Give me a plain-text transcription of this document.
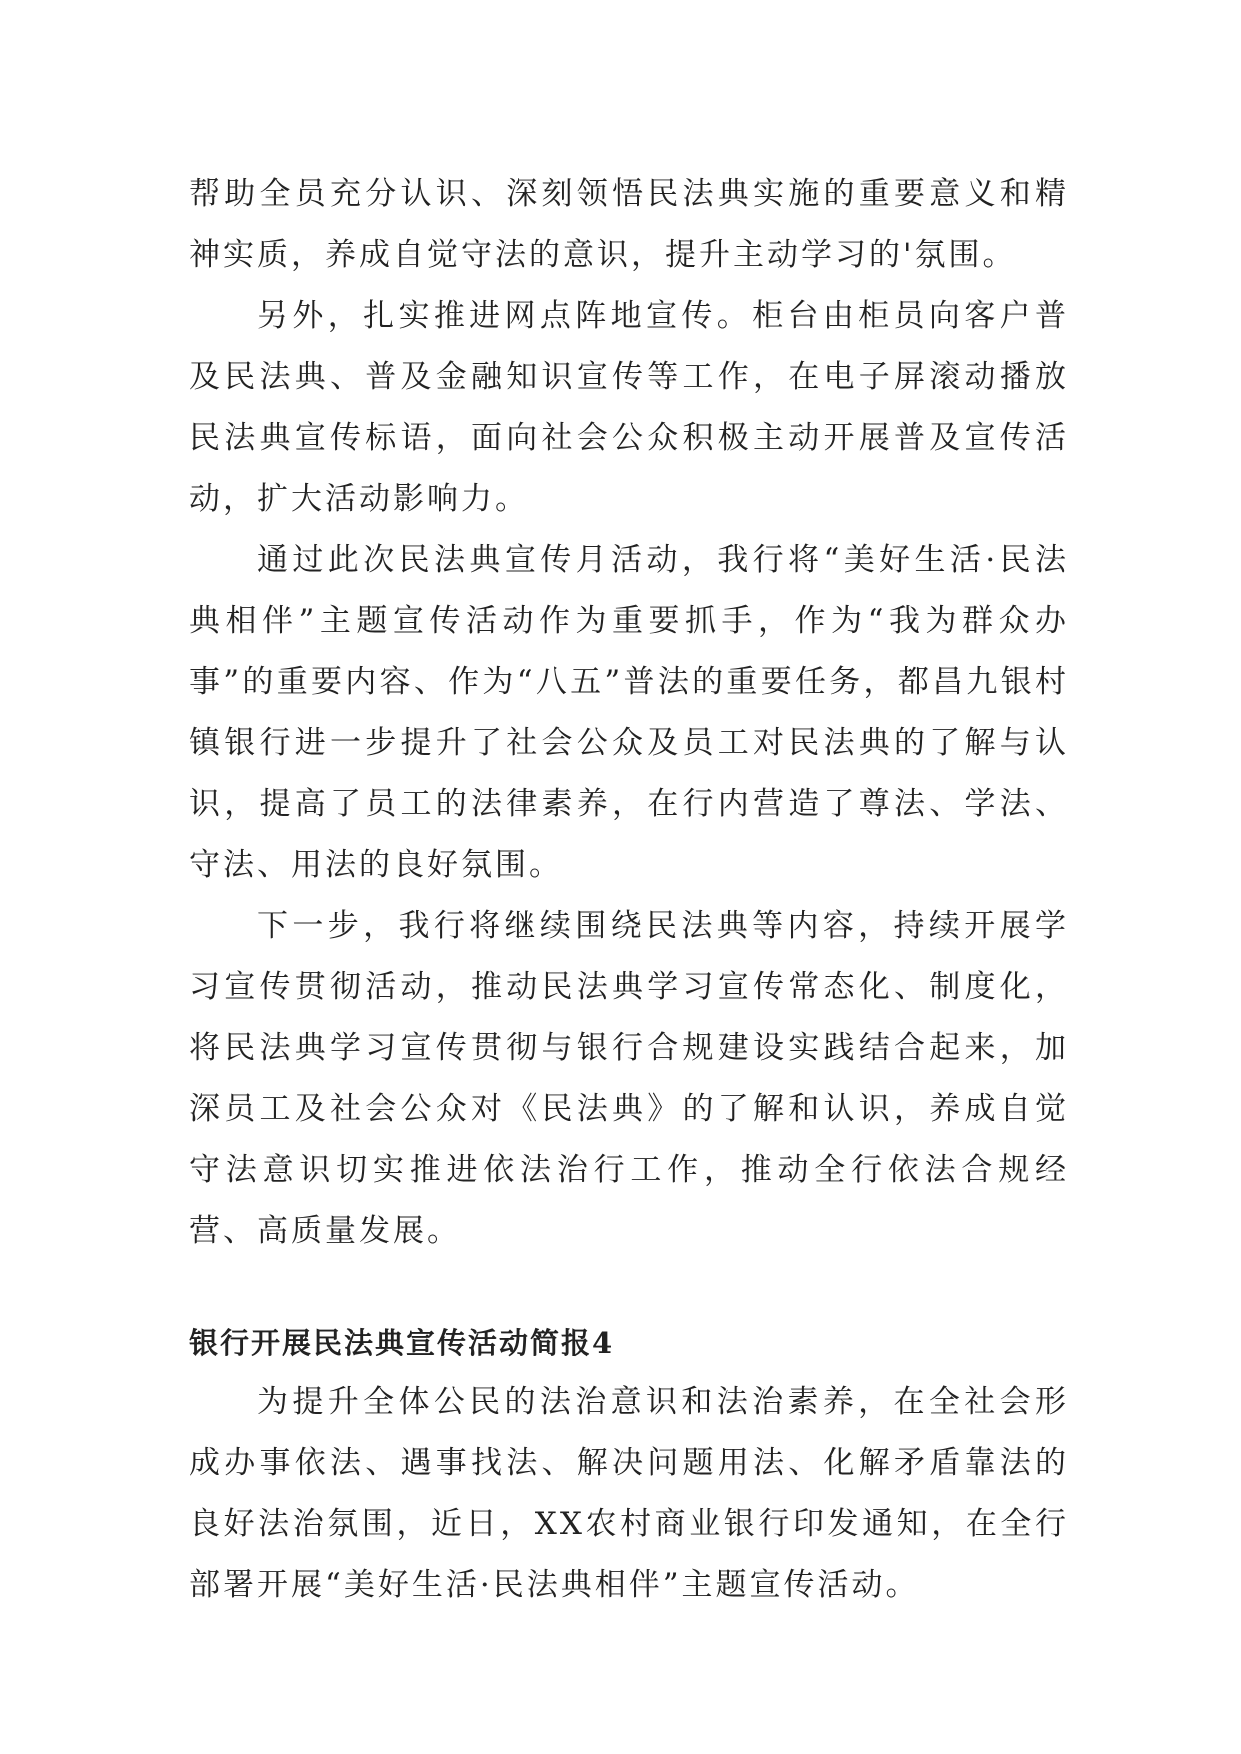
帮助全员充分认识、深刻领悟民法典实施的重要意义和精神实质，养成自觉守法的意识，提升主动学习的'氛围。

另外，扎实推进网点阵地宣传。柜台由柜员向客户普及民法典、普及金融知识宣传等工作，在电子屏滚动播放民法典宣传标语，面向社会公众积极主动开展普及宣传活动，扩大活动影响力。

通过此次民法典宣传月活动，我行将“美好生活·民法典相伴”主题宣传活动作为重要抓手，作为“我为群众办事”的重要内容、作为“八五”普法的重要任务，都昌九银村镇银行进一步提升了社会公众及员工对民法典的了解与认识，提高了员工的法律素养，在行内营造了尊法、学法、守法、用法的良好氛围。

下一步，我行将继续围绕民法典等内容，持续开展学习宣传贯彻活动，推动民法典学习宣传常态化、制度化，将民法典学习宣传贯彻与银行合规建设实践结合起来，加深员工及社会公众对《民法典》的了解和认识，养成自觉守法意识切实推进依法治行工作，推动全行依法合规经营、高质量发展。

银行开展民法典宣传活动简报4

为提升全体公民的法治意识和法治素养，在全社会形成办事依法、遇事找法、解决问题用法、化解矛盾靠法的良好法治氛围，近日，XX农村商业银行印发通知，在全行部署开展“美好生活·民法典相伴”主题宣传活动。
